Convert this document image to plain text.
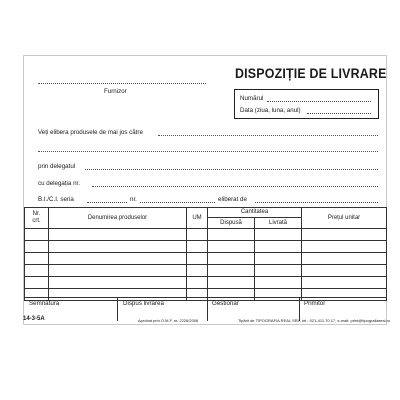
Furnizor
DISPOZIȚIE DE LIVRARE
Numărul
Data (ziua, luna, anul)
Veți elibera produsele de mai jos către
prin delegatul
cu delegația nr.
B.I./C.I. seria	nr.	eliberat de
Nr.
crt.	Denumirea produselor	UM	Cantitatea		Prețul unitar
			Dispusă	Livrată	

Semnătura	Dispus livrarea	Gestionar	Primitor
14-3-5A	Aprobat prin O.M.F. nr. 2226/2006	Tipărit de TIPOGRAFIA REAL SRL, tel.: 021-411.70.17, e-mail: print@tipografiareal.ro
